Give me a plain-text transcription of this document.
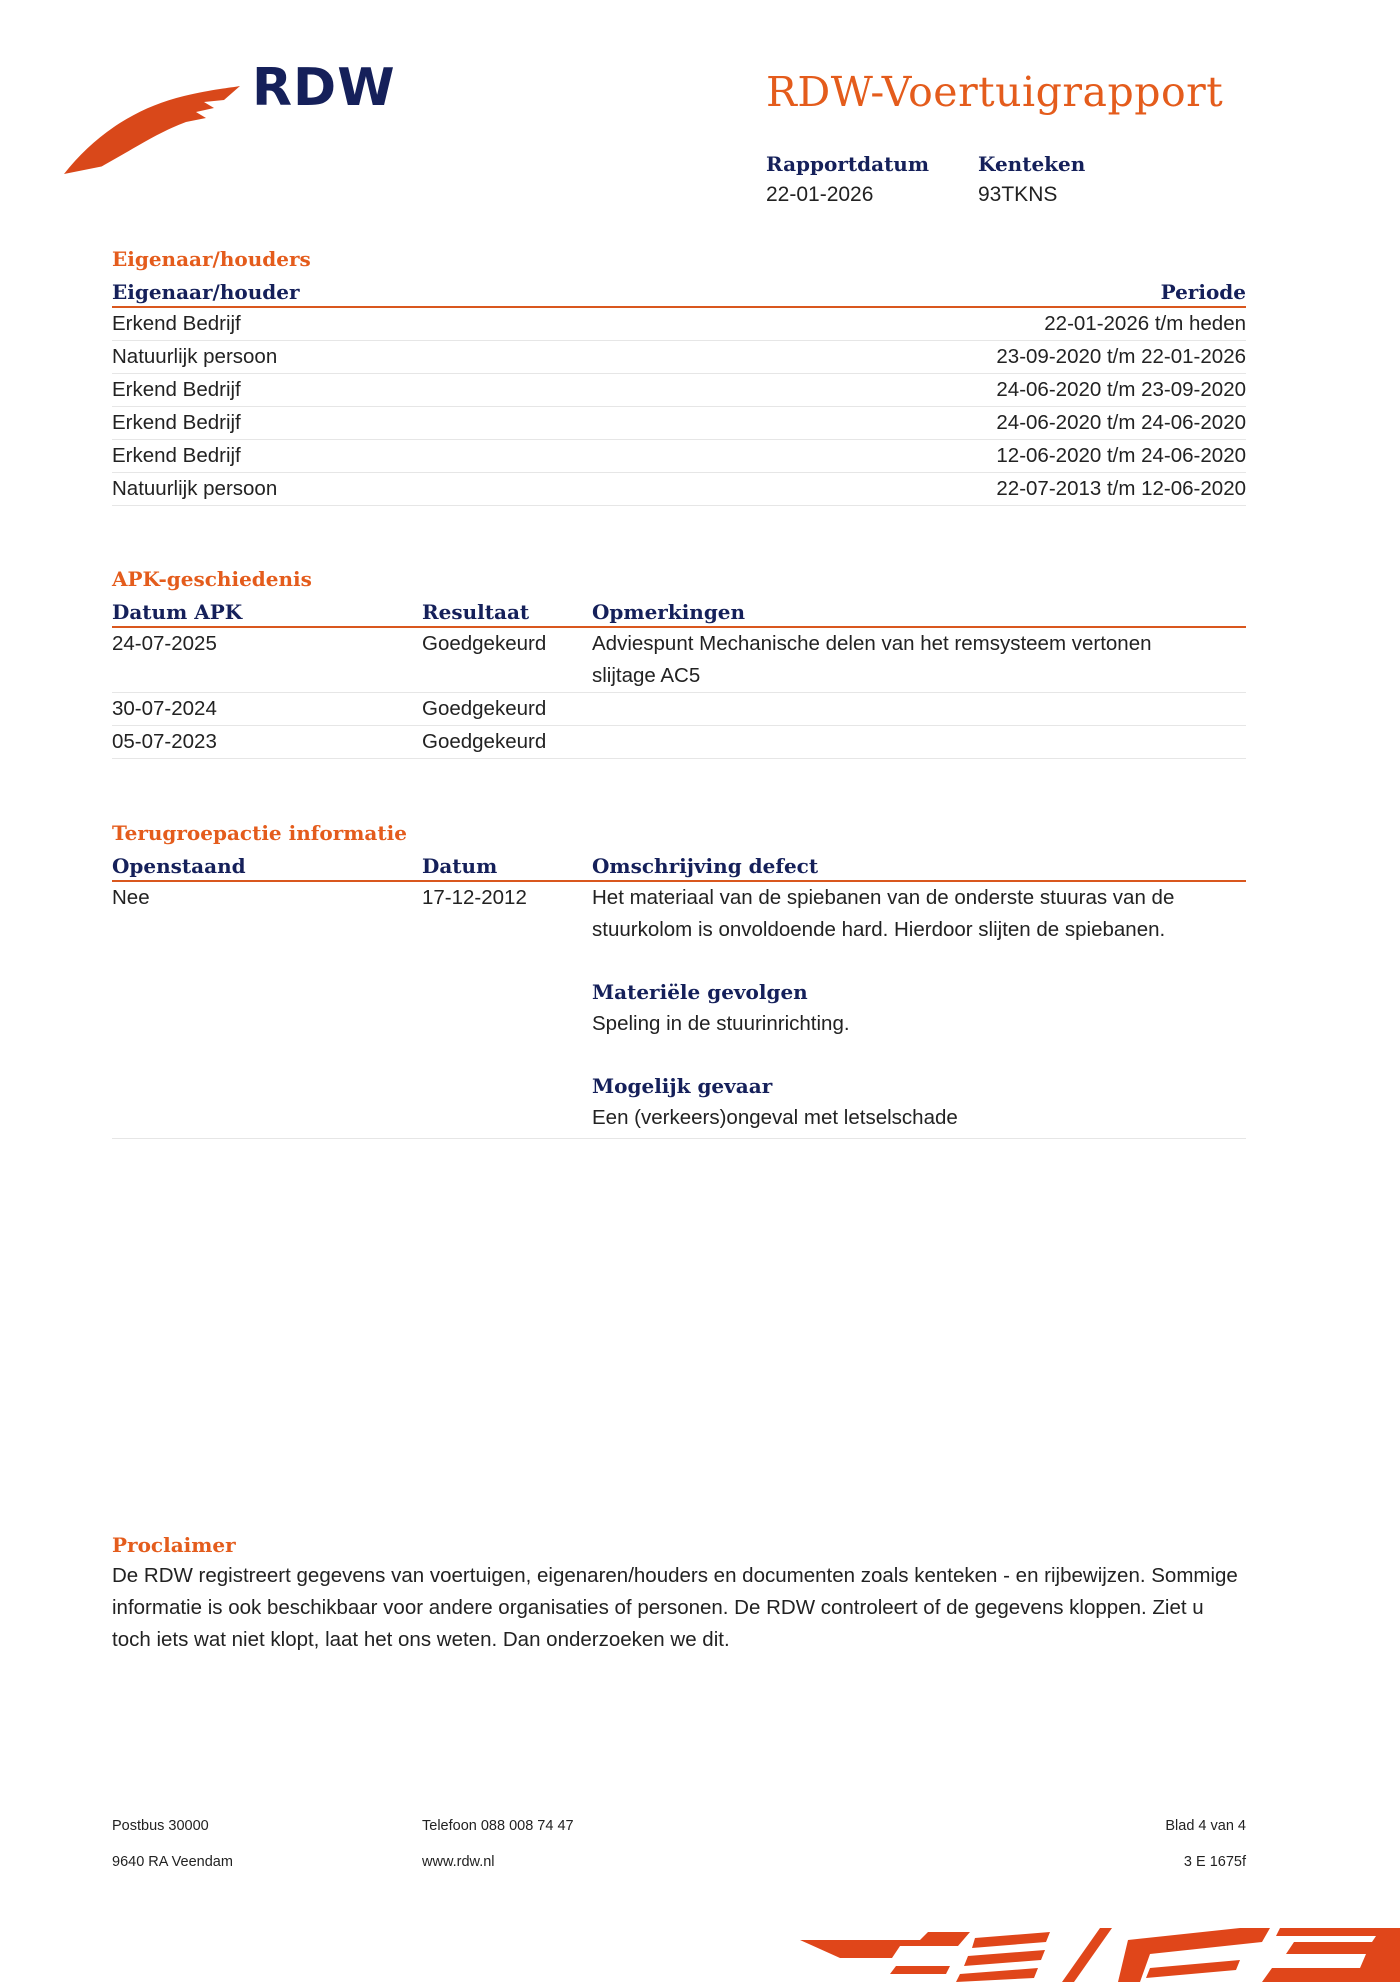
RDW	RDW-Voertuigrapport
Rapportdatum
22-01-2026
Kenteken
93TKNS
Eigenaar/houders
Eigenaar/houder	Periode
Erkend Bedrijf	22-01-2026 t/m heden
Natuurlijk persoon	23-09-2020 t/m 22-01-2026
Erkend Bedrijf	24-06-2020 t/m 23-09-2020
Erkend Bedrijf	24-06-2020 t/m 24-06-2020
Erkend Bedrijf	12-06-2020 t/m 24-06-2020
Natuurlijk persoon	22-07-2013 t/m 12-06-2020
APK-geschiedenis
Datum APK	Resultaat	Opmerkingen
24-07-2025	Goedgekeurd	Adviespunt Mechanische delen van het remsysteem vertonen slijtage AC5
30-07-2024	Goedgekeurd
05-07-2023	Goedgekeurd
Terugroepactie informatie
Openstaand	Datum	Omschrijving defect
Nee	17-12-2012	Het materiaal van de spiebanen van de onderste stuuras van de stuurkolom is onvoldoende hard. Hierdoor slijten de spiebanen.
Materiële gevolgen
Speling in de stuurinrichting.
Mogelijk gevaar
Een (verkeers)ongeval met letselschade
Proclaimer
De RDW registreert gegevens van voertuigen, eigenaren/houders en documenten zoals kenteken - en rijbewijzen. Sommige informatie is ook beschikbaar voor andere organisaties of personen. De RDW controleert of de gegevens kloppen. Ziet u toch iets wat niet klopt, laat het ons weten. Dan onderzoeken we dit.
Postbus 30000
9640 RA Veendam
Telefoon 088 008 74 47
www.rdw.nl
Blad 4 van 4
3 E 1675f
